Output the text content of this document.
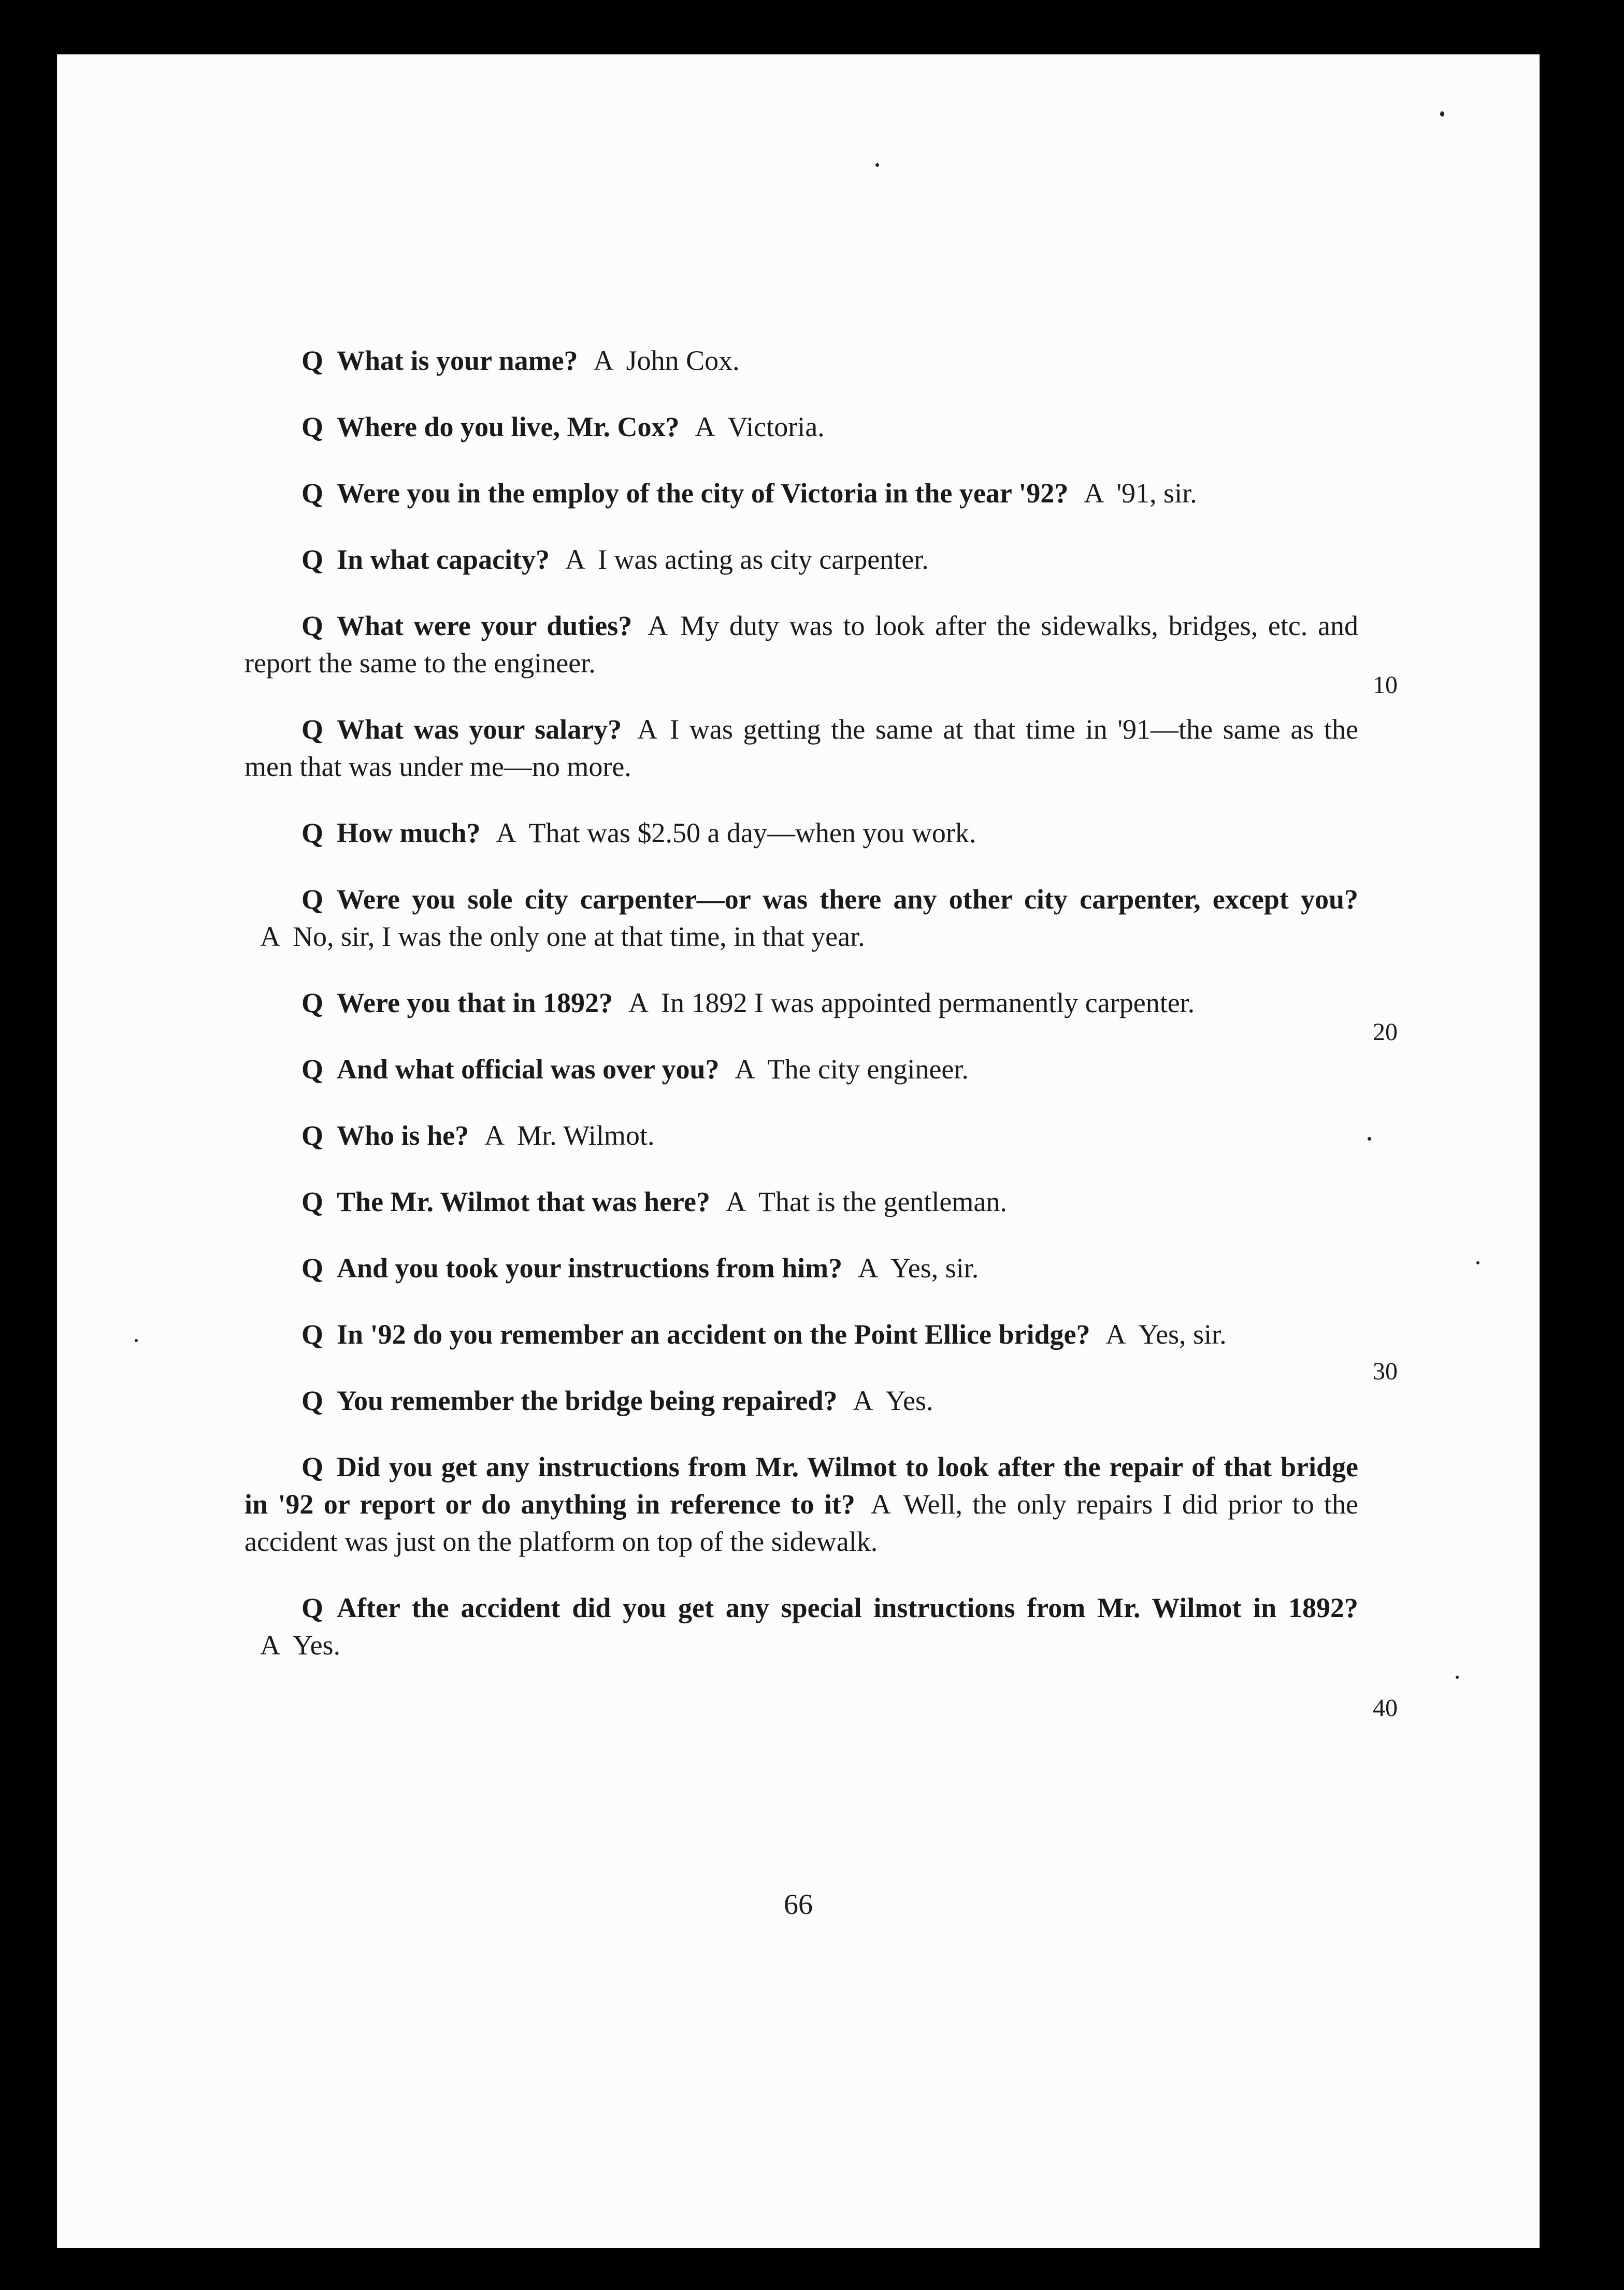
Q What is your name? A John Cox.

Q Where do you live, Mr. Cox? A Victoria.

Q Were you in the employ of the city of Victoria in the year '92? A '91, sir.

Q In what capacity? A I was acting as city carpenter.

Q What were your duties? A My duty was to look after the sidewalks, bridges, etc. and report the same to the engineer.

Q What was your salary? A I was getting the same at that time in '91—the same as the men that was under me—no more.

Q How much? A That was $2.50 a day—when you work.

Q Were you sole city carpenter—or was there any other city carpenter, except you?A No, sir, I was the only one at that time, in that year.

Q Were you that in 1892? A In 1892 I was appointed permanently carpenter.

Q And what official was over you? A The city engineer.

Q Who is he? A Mr. Wilmot.

Q The Mr. Wilmot that was here? A That is the gentleman.

Q And you took your instructions from him? A Yes, sir.

Q In '92 do you remember an accident on the Point Ellice bridge? A Yes, sir.

Q You remember the bridge being repaired? A Yes.

Q Did you get any instructions from Mr. Wilmot to look after the repair of that bridge in '92 or report or do anything in reference to it? A Well, the only repairs I did prior to the accident was just on the platform on top of the sidewalk.

Q After the accident did you get any special instructions from Mr. Wilmot in 1892?A Yes.

10
20
30
40
66
